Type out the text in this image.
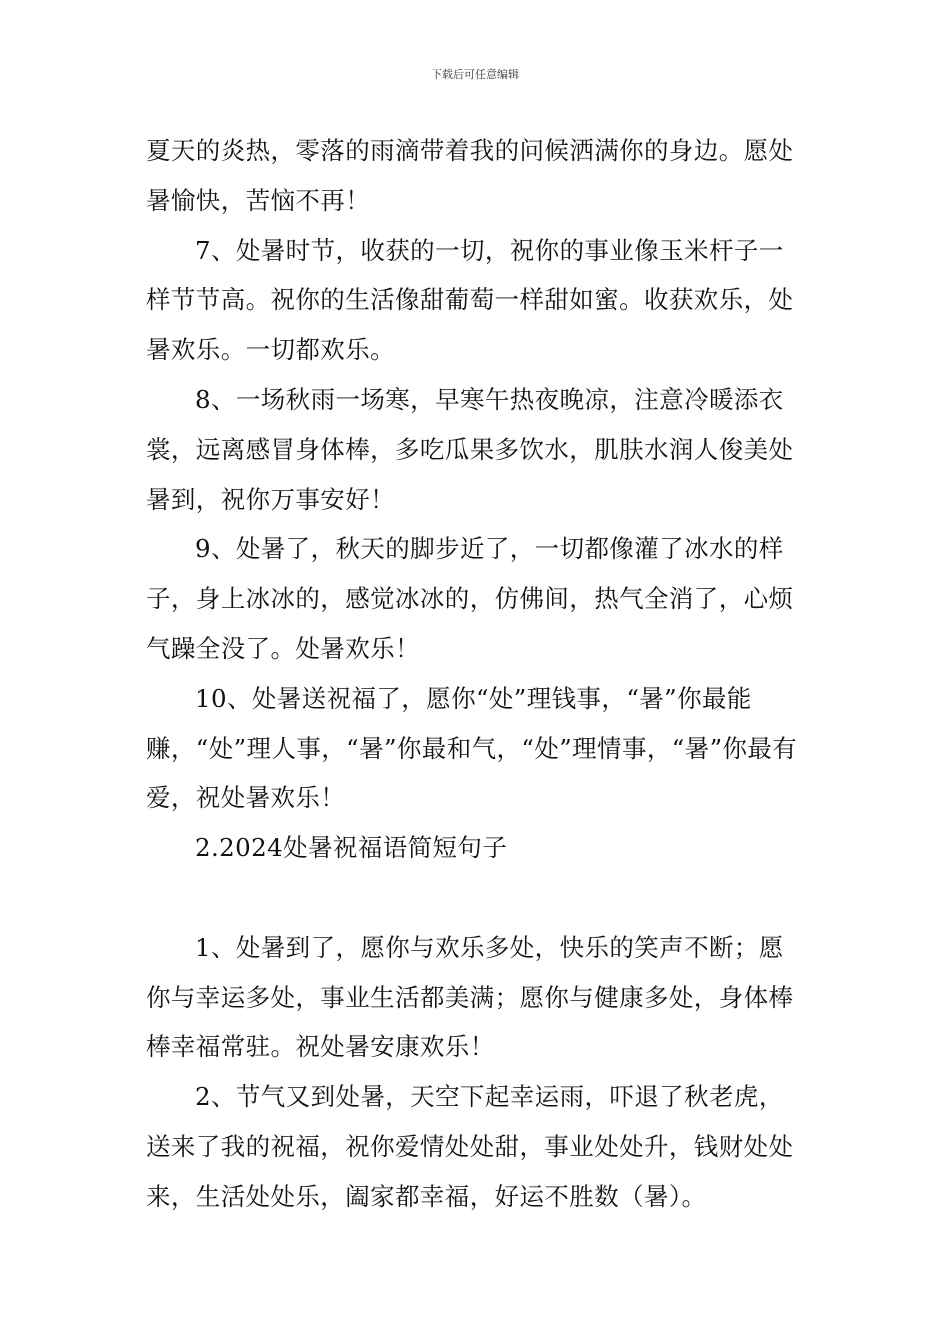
下载后可任意编辑

夏天的炎热，零落的雨滴带着我的问候洒满你的身边。愿处暑愉快，苦恼不再！

7、处暑时节，收获的一切，祝你的事业像玉米杆子一样节节高。祝你的生活像甜葡萄一样甜如蜜。收获欢乐，处暑欢乐。一切都欢乐。

8、一场秋雨一场寒，早寒午热夜晚凉，注意冷暖添衣裳，远离感冒身体棒，多吃瓜果多饮水，肌肤水润人俊美处暑到，祝你万事安好！

9、处暑了，秋天的脚步近了，一切都像灌了冰水的样子，身上冰冰的，感觉冰冰的，仿佛间，热气全消了，心烦气躁全没了。处暑欢乐！

10、处暑送祝福了，愿你“处”理钱事，“暑”你最能赚，“处”理人事，“暑”你最和气，“处”理情事，“暑”你最有爱，祝处暑欢乐！

2.2024处暑祝福语简短句子

1、处暑到了，愿你与欢乐多处，快乐的笑声不断；愿你与幸运多处，事业生活都美满；愿你与健康多处，身体棒棒幸福常驻。祝处暑安康欢乐！

2、节气又到处暑，天空下起幸运雨，吓退了秋老虎，送来了我的祝福，祝你爱情处处甜，事业处处升，钱财处处来，生活处处乐，阖家都幸福，好运不胜数（暑）。
